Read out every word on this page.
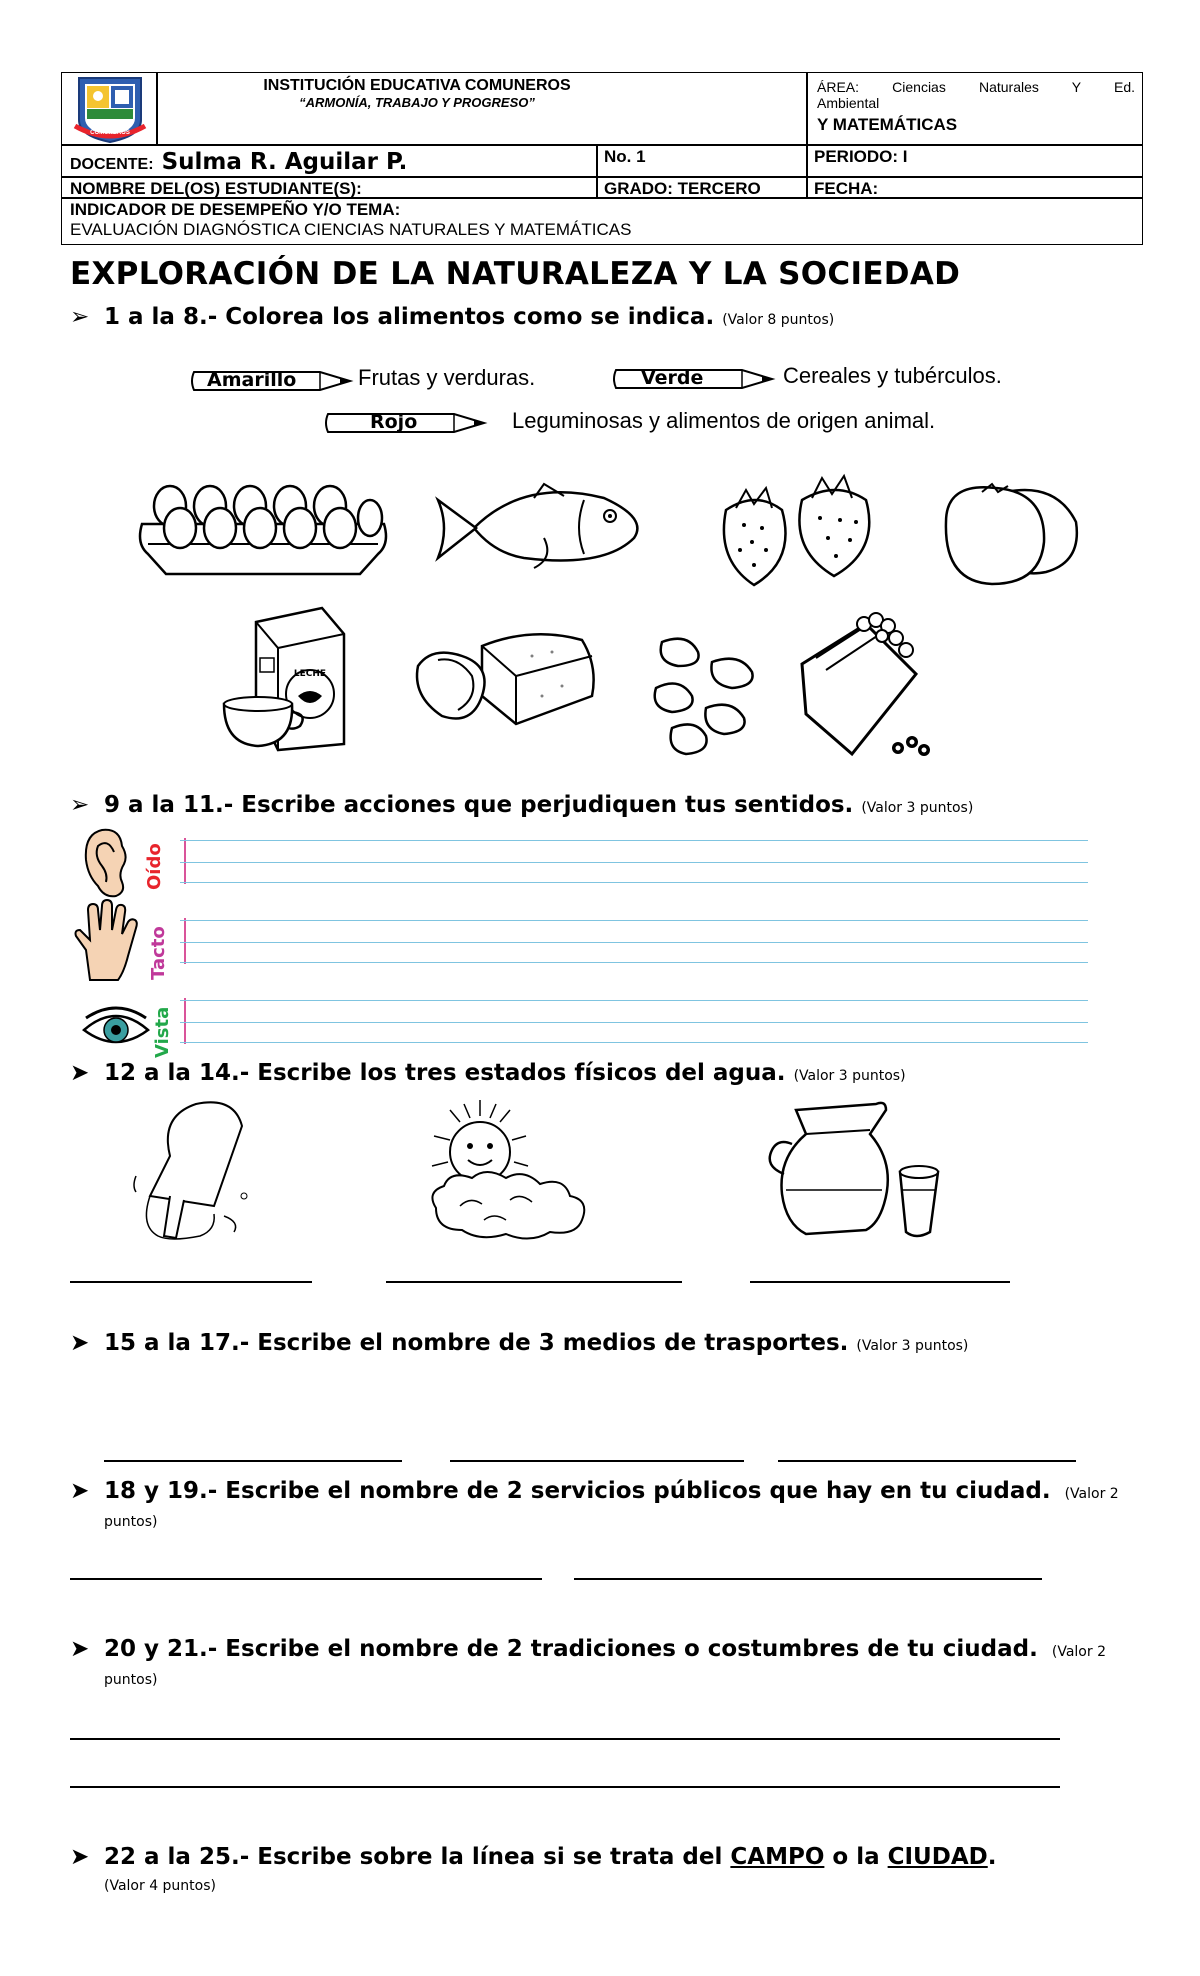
COMUNEROS
INSTITUCIÓN EDUCATIVA COMUNEROS
“ARMONÍA, TRABAJO Y PROGRESO”
ÁREA: Ciencias Naturales Y Ed.
Ambiental
Y MATEMÁTICAS
DOCENTE: Sulma R. Aguilar P.	No. 1	PERIODO: I
NOMBRE DEL(OS) ESTUDIANTE(S):	GRADO: TERCERO	FECHA:
INDICADOR DE DESEMPEÑO Y/O TEMA:
EVALUACIÓN DIAGNÓSTICA CIENCIAS NATURALES Y MATEMÁTICAS
EXPLORACIÓN DE LA NATURALEZA Y LA SOCIEDAD
➢ 1 a la 8.- Colorea los alimentos como se indica. (Valor 8 puntos)
Amarillo	Frutas y verduras.	Verde	Cereales y tubérculos.
Rojo	Leguminosas y alimentos de origen animal.
LECHE
➢ 9 a la 11.- Escribe acciones que perjudiquen tus sentidos. (Valor 3 puntos)
Oído
Tacto
Vista
➤ 12 a la 14.- Escribe los tres estados físicos del agua. (Valor 3 puntos)
➤ 15 a la 17.- Escribe el nombre de 3 medios de trasportes. (Valor 3 puntos)
➤ 18 y 19.- Escribe el nombre de 2 servicios públicos que hay en tu ciudad. (Valor 2
puntos)
➤ 20 y 21.- Escribe el nombre de 2 tradiciones o costumbres de tu ciudad. (Valor 2
puntos)
➤ 22 a la 25.- Escribe sobre la línea si se trata del CAMPO o la CIUDAD.
(Valor 4 puntos)
